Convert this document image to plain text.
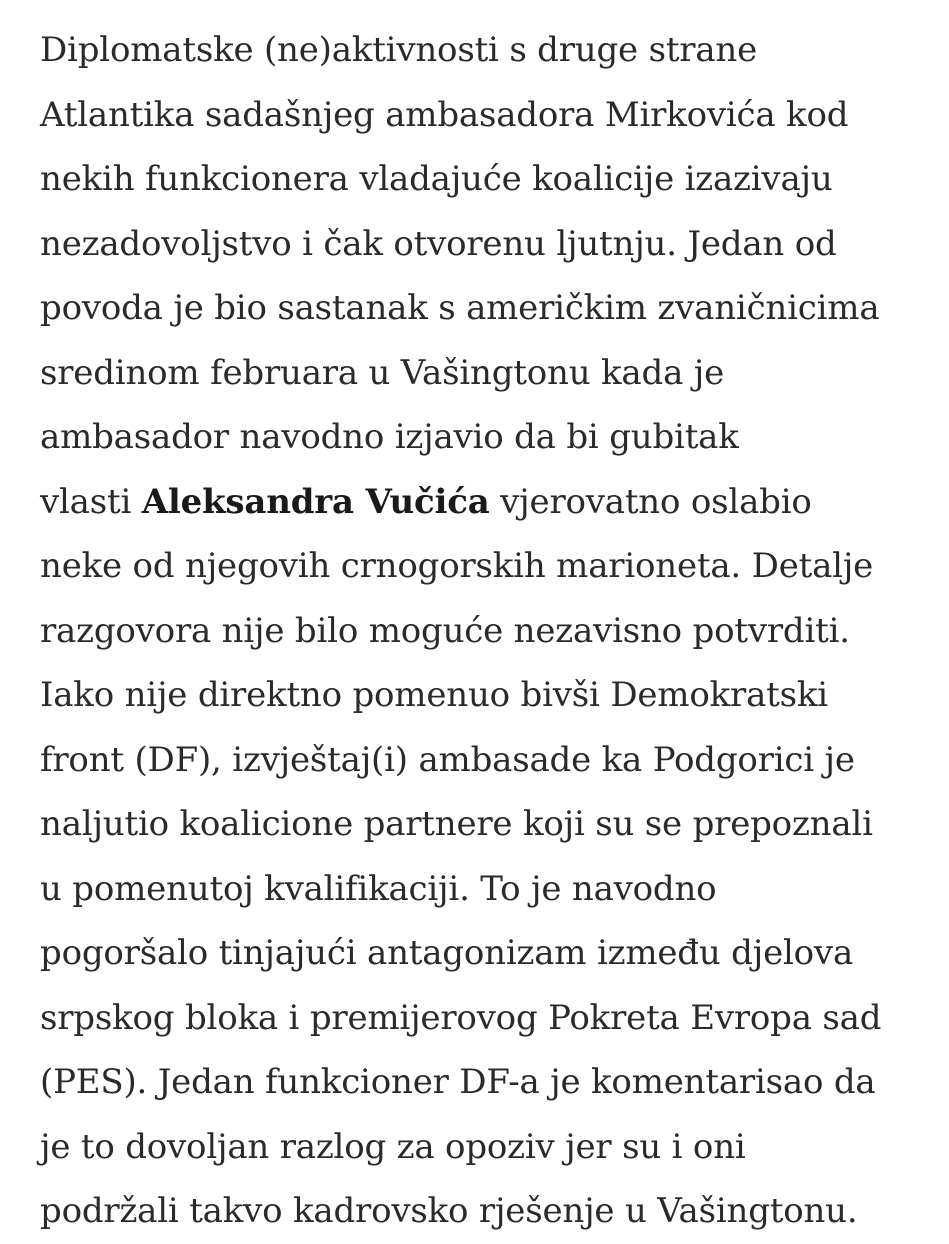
Diplomatske (ne)aktivnosti s druge strane
Atlantika sadašnjeg ambasadora Mirkovića kod
nekih funkcionera vladajuće koalicije izazivaju
nezadovoljstvo i čak otvorenu ljutnju. Jedan od
povoda je bio sastanak s američkim zvaničnicima
sredinom februara u Vašingtonu kada je
ambasador navodno izjavio da bi gubitak
vlasti Aleksandra Vučića vjerovatno oslabio
neke od njegovih crnogorskih marioneta. Detalje
razgovora nije bilo moguće nezavisno potvrditi.
Iako nije direktno pomenuo bivši Demokratski
front (DF), izvještaj(i) ambasade ka Podgorici je
naljutio koalicione partnere koji su se prepoznali
u pomenutoj kvalifikaciji. To je navodno
pogoršalo tinjajući antagonizam između djelova
srpskog bloka i premijerovog Pokreta Evropa sad
(PES). Jedan funkcioner DF-a je komentarisao da
je to dovoljan razlog za opoziv jer su i oni
podržali takvo kadrovsko rješenje u Vašingtonu.
